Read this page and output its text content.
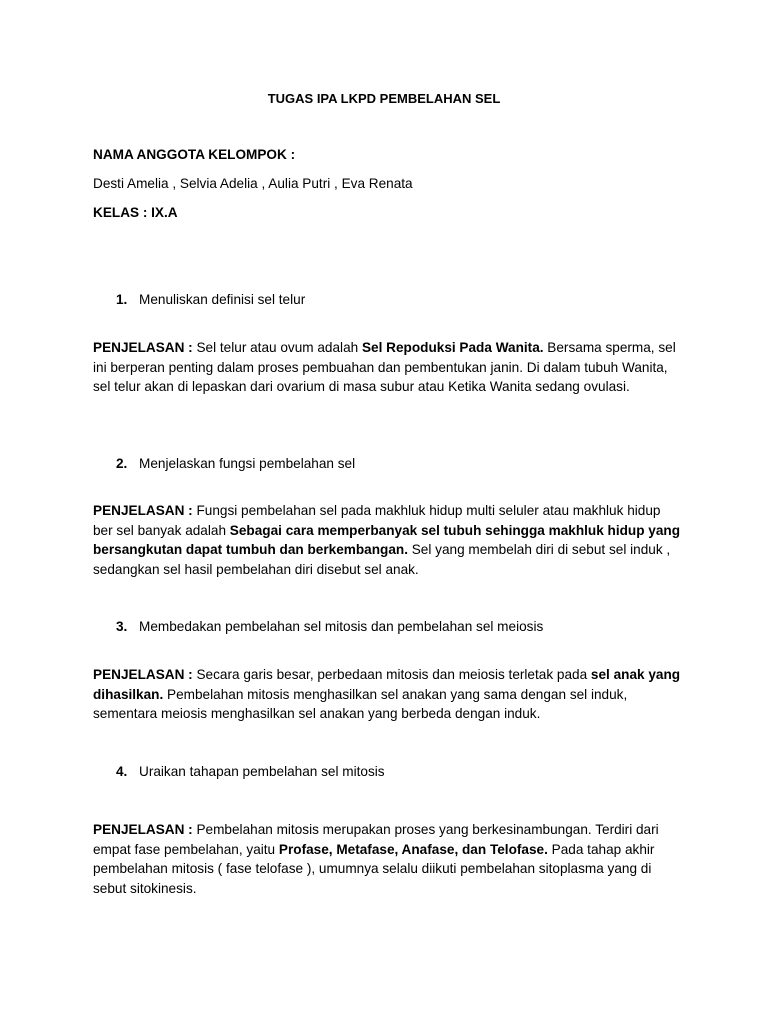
TUGAS IPA LKPD PEMBELAHAN SEL
NAMA ANGGOTA KELOMPOK :
Desti Amelia , Selvia Adelia , Aulia Putri , Eva Renata
KELAS : IX.A
1. Menuliskan definisi sel telur
PENJELASAN : Sel telur atau ovum adalah Sel Repoduksi Pada Wanita. Bersama sperma, sel ini berperan penting dalam proses pembuahan dan pembentukan janin. Di dalam tubuh Wanita, sel telur akan di lepaskan dari ovarium di masa subur atau Ketika Wanita sedang ovulasi.
2. Menjelaskan fungsi pembelahan sel
PENJELASAN : Fungsi pembelahan sel pada makhluk hidup multi seluler atau makhluk hidup ber sel banyak adalah Sebagai cara memperbanyak sel tubuh sehingga makhluk hidup yang bersangkutan dapat tumbuh dan berkembangan. Sel yang membelah diri di sebut sel induk , sedangkan sel hasil pembelahan diri disebut sel anak.
3. Membedakan pembelahan sel mitosis dan pembelahan sel meiosis
PENJELASAN : Secara garis besar, perbedaan mitosis dan meiosis terletak pada sel anak yang dihasilkan. Pembelahan mitosis menghasilkan sel anakan yang sama dengan sel induk, sementara meiosis menghasilkan sel anakan yang berbeda dengan induk.
4. Uraikan tahapan pembelahan sel mitosis
PENJELASAN : Pembelahan mitosis merupakan proses yang berkesinambungan. Terdiri dari empat fase pembelahan, yaitu Profase, Metafase, Anafase, dan Telofase. Pada tahap akhir pembelahan mitosis ( fase telofase ), umumnya selalu diikuti pembelahan sitoplasma yang di sebut sitokinesis.
